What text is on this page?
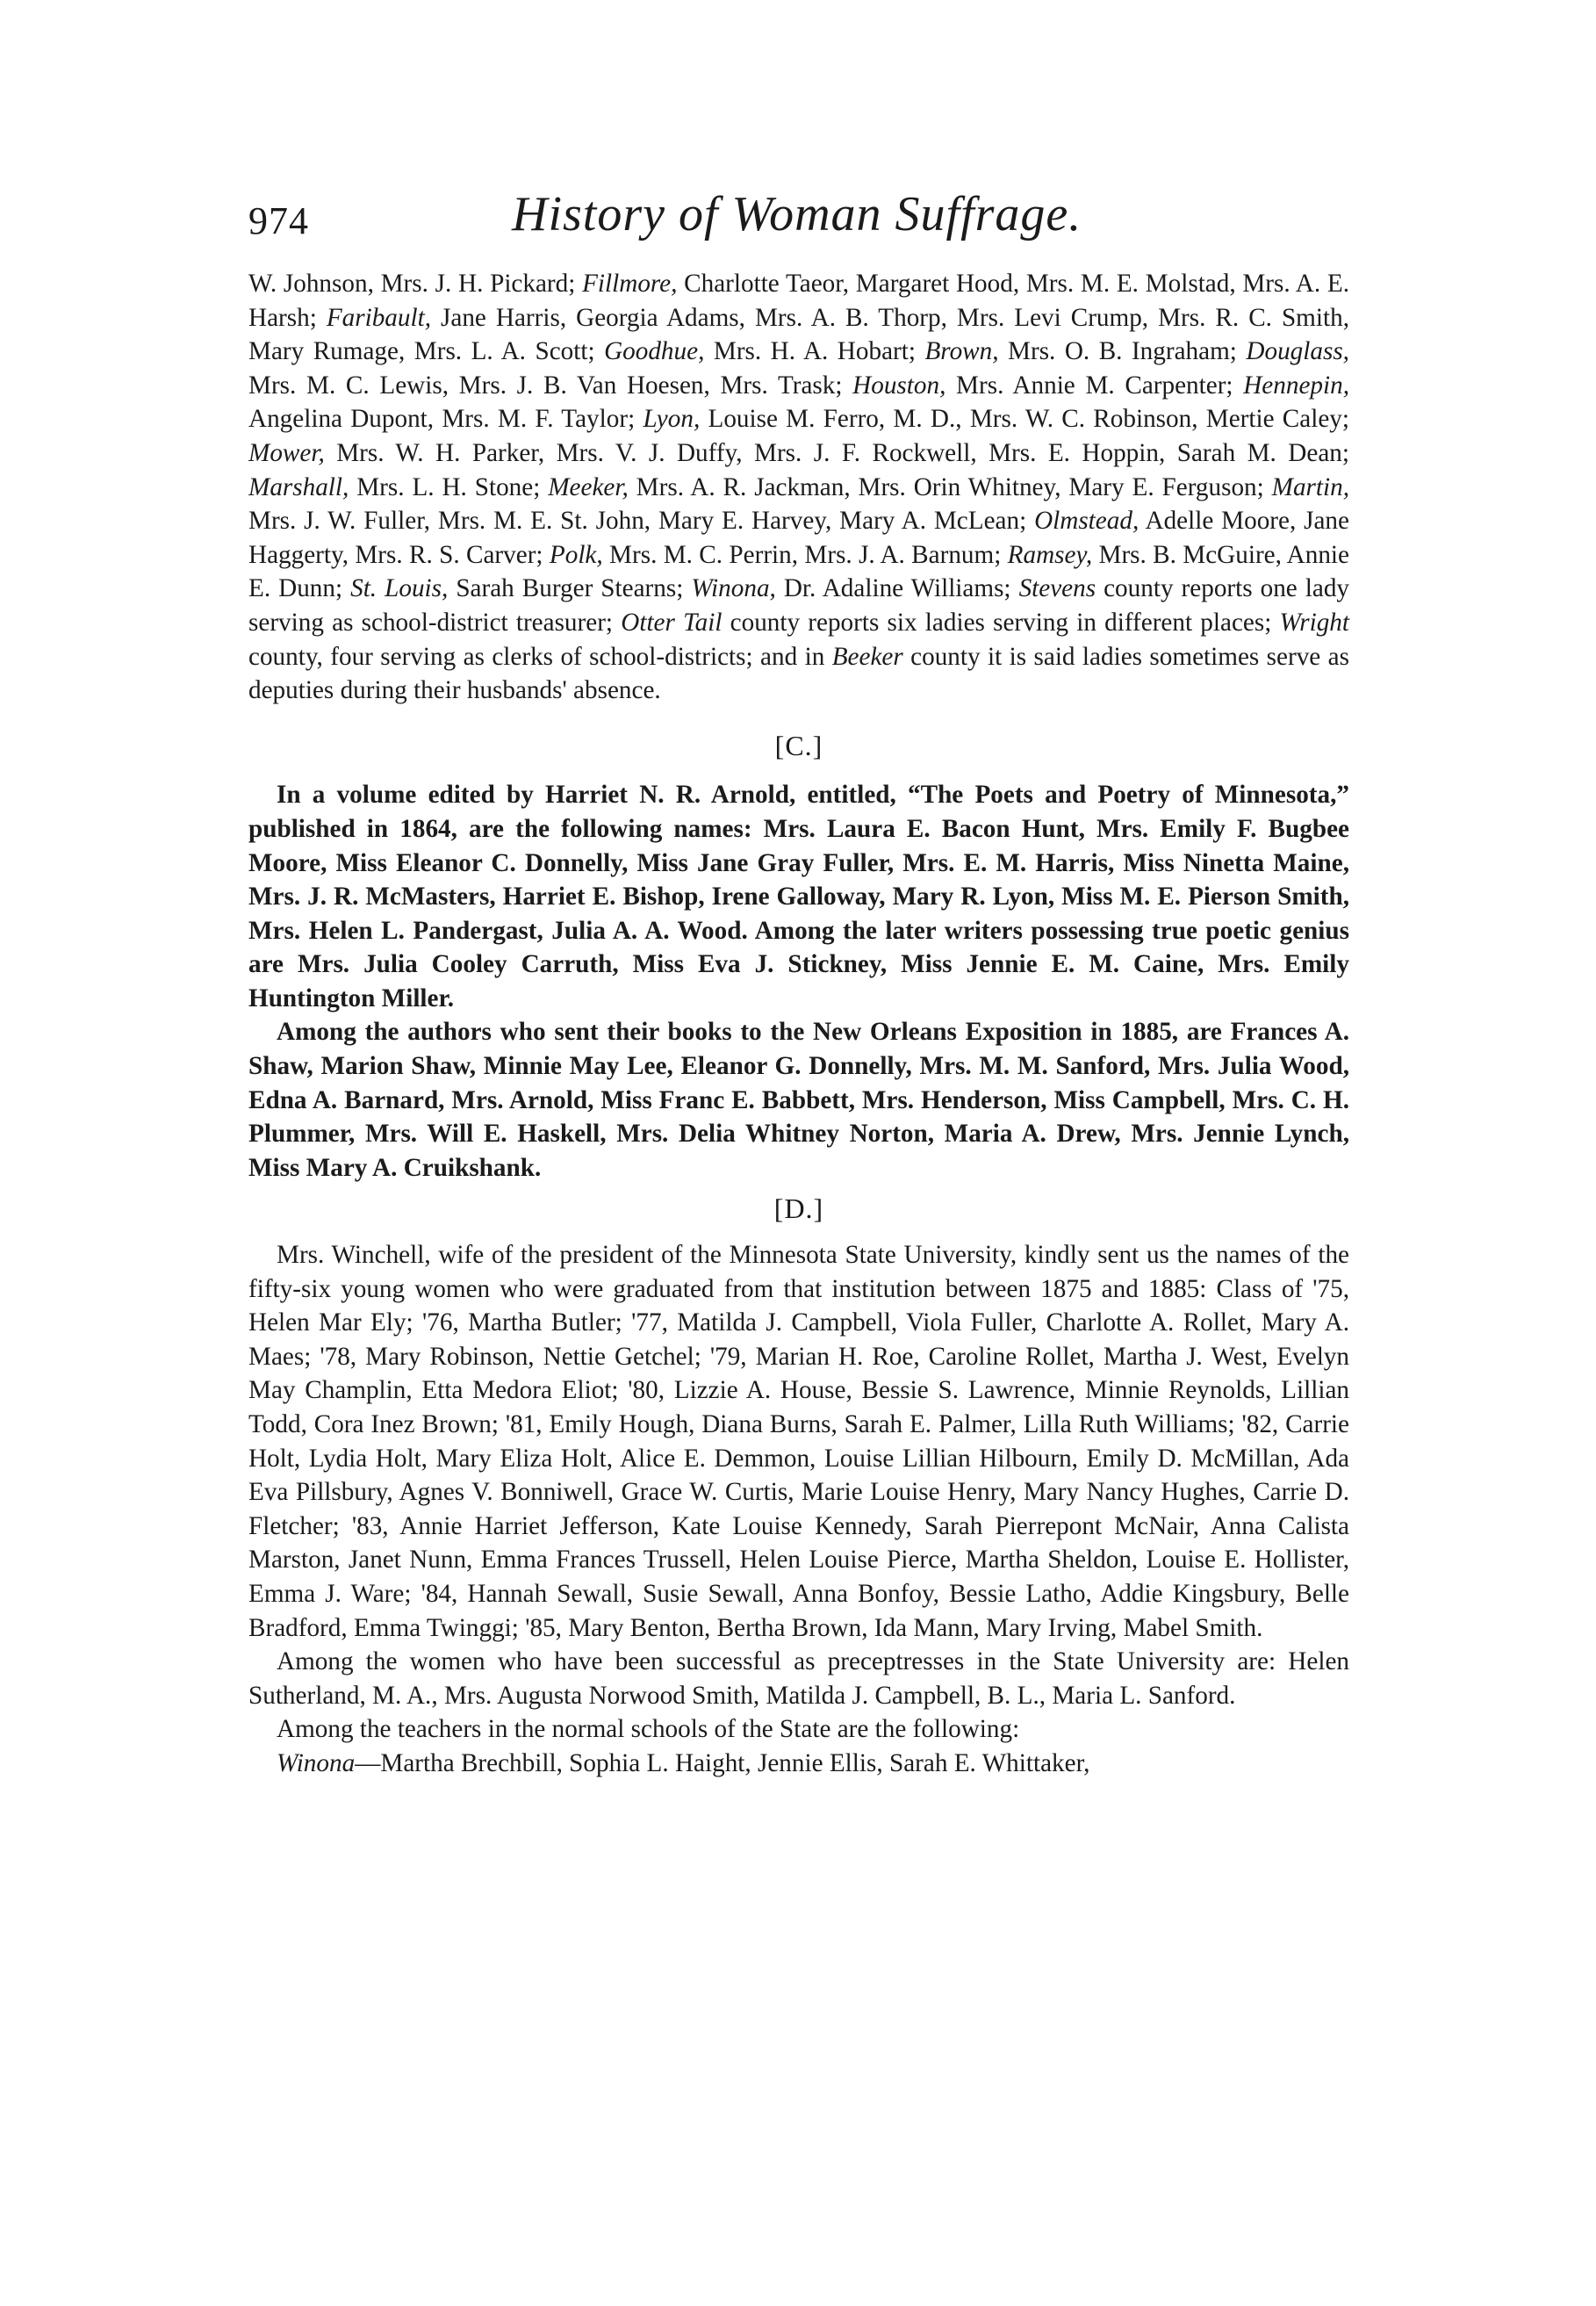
974	History of Woman Suffrage.

W. Johnson, Mrs. J. H. Pickard; Fillmore, Charlotte Taeor, Margaret Hood, Mrs. M. E. Molstad, Mrs. A. E. Harsh; Faribault, Jane Harris, Georgia Adams, Mrs. A. B. Thorp, Mrs. Levi Crump, Mrs. R. C. Smith, Mary Rumage, Mrs. L. A. Scott; Goodhue, Mrs. H. A. Hobart; Brown, Mrs. O. B. Ingraham; Douglass, Mrs. M. C. Lewis, Mrs. J. B. Van Hoesen, Mrs. Trask; Houston, Mrs. Annie M. Carpenter; Hennepin, Angelina Dupont, Mrs. M. F. Taylor; Lyon, Louise M. Ferro, M. D., Mrs. W. C. Robinson, Mertie Caley; Mower, Mrs. W. H. Parker, Mrs. V. J. Duffy, Mrs. J. F. Rockwell, Mrs. E. Hoppin, Sarah M. Dean; Marshall, Mrs. L. H. Stone; Meeker, Mrs. A. R. Jackman, Mrs. Orin Whitney, Mary E. Ferguson; Martin, Mrs. J. W. Fuller, Mrs. M. E. St. John, Mary E. Harvey, Mary A. McLean; Olmstead, Adelle Moore, Jane Haggerty, Mrs. R. S. Carver; Polk, Mrs. M. C. Perrin, Mrs. J. A. Barnum; Ramsey, Mrs. B. McGuire, Annie E. Dunn; St. Louis, Sarah Burger Stearns; Winona, Dr. Adaline Williams; Stevens county reports one lady serving as school-district treasurer; Otter Tail county reports six ladies serving in different places; Wright county, four serving as clerks of school-districts; and in Beeker county it is said ladies sometimes serve as deputies during their husbands' absence.

[C.]

In a volume edited by Harriet N. R. Arnold, entitled, “The Poets and Poetry of Minnesota,” published in 1864, are the following names: Mrs. Laura E. Bacon Hunt, Mrs. Emily F. Bugbee Moore, Miss Eleanor C. Donnelly, Miss Jane Gray Fuller, Mrs. E. M. Harris, Miss Ninetta Maine, Mrs. J. R. McMasters, Harriet E. Bishop, Irene Galloway, Mary R. Lyon, Miss M. E. Pierson Smith, Mrs. Helen L. Pandergast, Julia A. A. Wood. Among the later writers possessing true poetic genius are Mrs. Julia Cooley Carruth, Miss Eva J. Stickney, Miss Jennie E. M. Caine, Mrs. Emily Huntington Miller.

Among the authors who sent their books to the New Orleans Exposition in 1885, are Frances A. Shaw, Marion Shaw, Minnie May Lee, Eleanor G. Donnelly, Mrs. M. M. Sanford, Mrs. Julia Wood, Edna A. Barnard, Mrs. Arnold, Miss Franc E. Babbett, Mrs. Henderson, Miss Campbell, Mrs. C. H. Plummer, Mrs. Will E. Haskell, Mrs. Delia Whitney Norton, Maria A. Drew, Mrs. Jennie Lynch, Miss Mary A. Cruikshank.

[D.]

Mrs. Winchell, wife of the president of the Minnesota State University, kindly sent us the names of the fifty-six young women who were graduated from that institution between 1875 and 1885: Class of '75, Helen Mar Ely; '76, Martha Butler; '77, Matilda J. Campbell, Viola Fuller, Charlotte A. Rollet, Mary A. Maes; '78, Mary Robinson, Nettie Getchel; '79, Marian H. Roe, Caroline Rollet, Martha J. West, Evelyn May Champlin, Etta Medora Eliot; '80, Lizzie A. House, Bessie S. Lawrence, Minnie Reynolds, Lillian Todd, Cora Inez Brown; '81, Emily Hough, Diana Burns, Sarah E. Palmer, Lilla Ruth Williams; '82, Carrie Holt, Lydia Holt, Mary Eliza Holt, Alice E. Demmon, Louise Lillian Hilbourn, Emily D. McMillan, Ada Eva Pillsbury, Agnes V. Bonniwell, Grace W. Curtis, Marie Louise Henry, Mary Nancy Hughes, Carrie D. Fletcher; '83, Annie Harriet Jefferson, Kate Louise Kennedy, Sarah Pierrepont McNair, Anna Calista Marston, Janet Nunn, Emma Frances Trussell, Helen Louise Pierce, Martha Sheldon, Louise E. Hollister, Emma J. Ware; '84, Hannah Sewall, Susie Sewall, Anna Bonfoy, Bessie Latho, Addie Kingsbury, Belle Bradford, Emma Twinggi; '85, Mary Benton, Bertha Brown, Ida Mann, Mary Irving, Mabel Smith.

Among the women who have been successful as preceptresses in the State University are: Helen Sutherland, M. A., Mrs. Augusta Norwood Smith, Matilda J. Campbell, B. L., Maria L. Sanford.

Among the teachers in the normal schools of the State are the following:

Winona—Martha Brechbill, Sophia L. Haight, Jennie Ellis, Sarah E. Whittaker,
